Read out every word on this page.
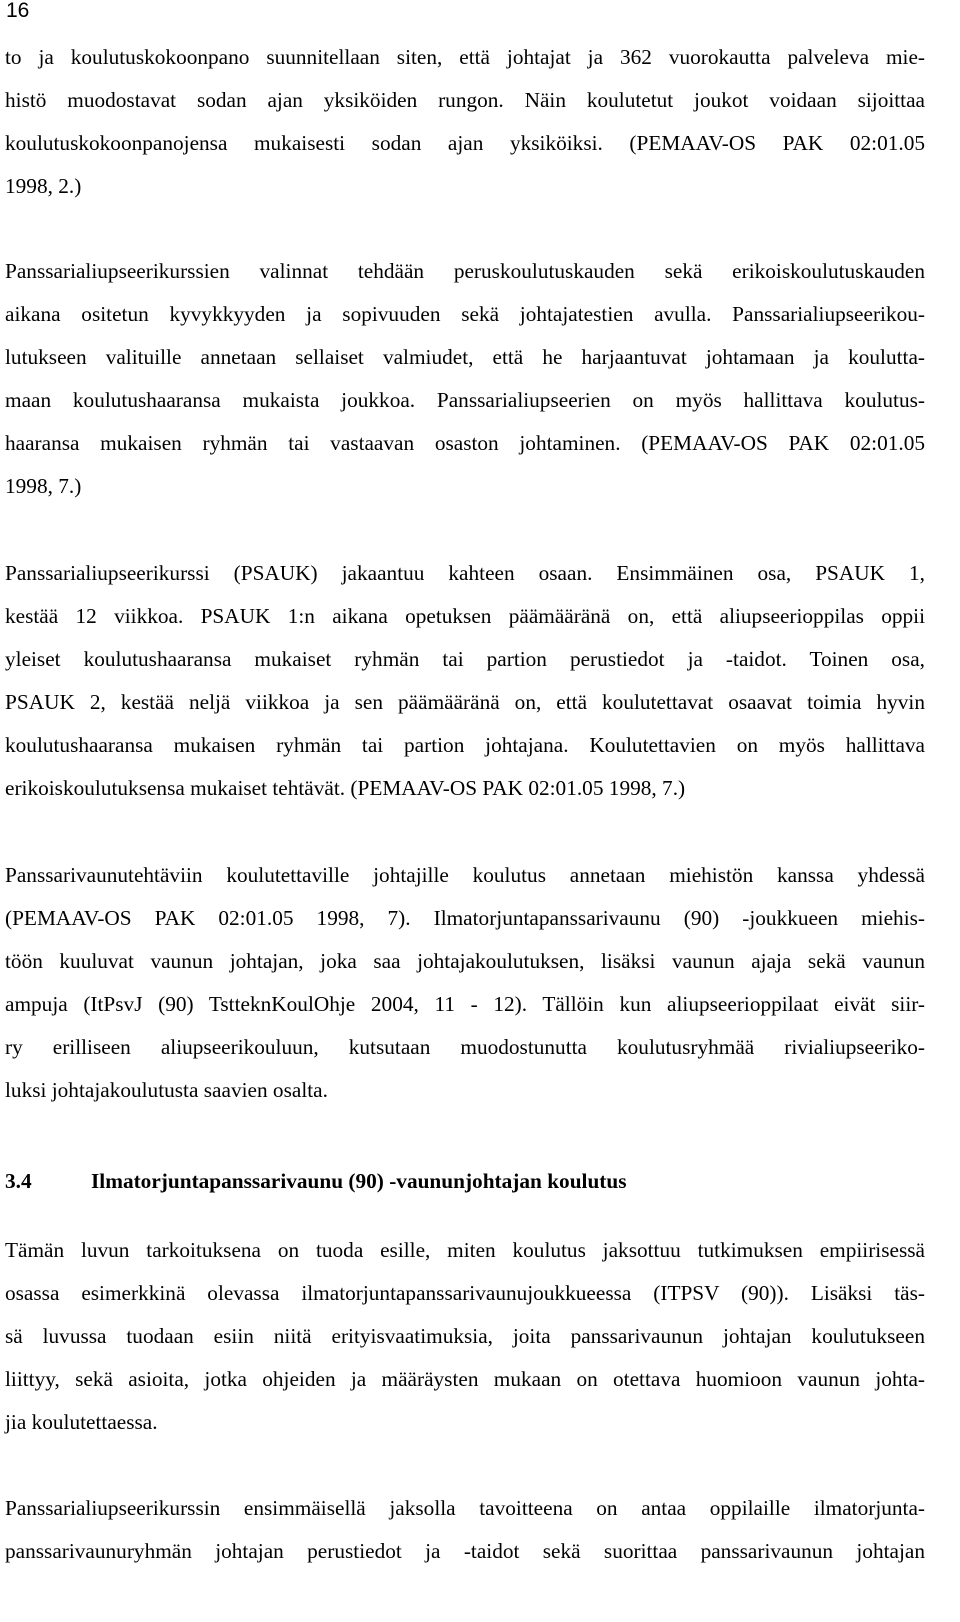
16
to ja koulutuskokoonpano suunnitellaan siten, että johtajat ja 362 vuorokautta palveleva mie-
histö muodostavat sodan ajan yksiköiden rungon. Näin koulutetut joukot voidaan sijoittaa
koulutuskokoonpanojensa mukaisesti sodan ajan yksiköiksi. (PEMAAV-OS PAK 02:01.05
1998, 2.)
Panssarialiupseerikurssien valinnat tehdään peruskoulutuskauden sekä erikoiskoulutuskauden
aikana ositetun kyvykkyyden ja sopivuuden sekä johtajatestien avulla. Panssarialiupseerikou-
lutukseen valituille annetaan sellaiset valmiudet, että he harjaantuvat johtamaan ja koulutta-
maan koulutushaaransa mukaista joukkoa. Panssarialiupseerien on myös hallittava koulutus-
haaransa mukaisen ryhmän tai vastaavan osaston johtaminen. (PEMAAV-OS PAK 02:01.05
1998, 7.)
Panssarialiupseerikurssi (PSAUK) jakaantuu kahteen osaan. Ensimmäinen osa, PSAUK 1,
kestää 12 viikkoa. PSAUK 1:n aikana opetuksen päämääränä on, että aliupseerioppilas oppii
yleiset koulutushaaransa mukaiset ryhmän tai partion perustiedot ja -taidot. Toinen osa,
PSAUK 2, kestää neljä viikkoa ja sen päämääränä on, että koulutettavat osaavat toimia hyvin
koulutushaaransa mukaisen ryhmän tai partion johtajana. Koulutettavien on myös hallittava
erikoiskoulutuksensa mukaiset tehtävät. (PEMAAV-OS PAK 02:01.05 1998, 7.)
Panssarivaunutehtäviin koulutettaville johtajille koulutus annetaan miehistön kanssa yhdessä
(PEMAAV-OS PAK 02:01.05 1998, 7). Ilmatorjuntapanssarivaunu (90) -joukkueen miehis-
töön kuuluvat vaunun johtajan, joka saa johtajakoulutuksen, lisäksi vaunun ajaja sekä vaunun
ampuja (ItPsvJ (90) TstteknKoulOhje 2004, 11 - 12). Tällöin kun aliupseerioppilaat eivät siir-
ry erilliseen aliupseerikouluun, kutsutaan muodostunutta koulutusryhmää rivialiupseeriko-
luksi johtajakoulutusta saavien osalta.
3.4	Ilmatorjuntapanssarivaunu (90) -vaununjohtajan koulutus
Tämän luvun tarkoituksena on tuoda esille, miten koulutus jaksottuu tutkimuksen empiirisessä
osassa esimerkkinä olevassa ilmatorjuntapanssarivaunujoukkueessa (ITPSV (90)). Lisäksi täs-
sä luvussa tuodaan esiin niitä erityisvaatimuksia, joita panssarivaunun johtajan koulutukseen
liittyy, sekä asioita, jotka ohjeiden ja määräysten mukaan on otettava huomioon vaunun johta-
jia koulutettaessa.
Panssarialiupseerikurssin ensimmäisellä jaksolla tavoitteena on antaa oppilaille ilmatorjunta-
panssarivaunuryhmän johtajan perustiedot ja -taidot sekä suorittaa panssarivaunun johtajan
